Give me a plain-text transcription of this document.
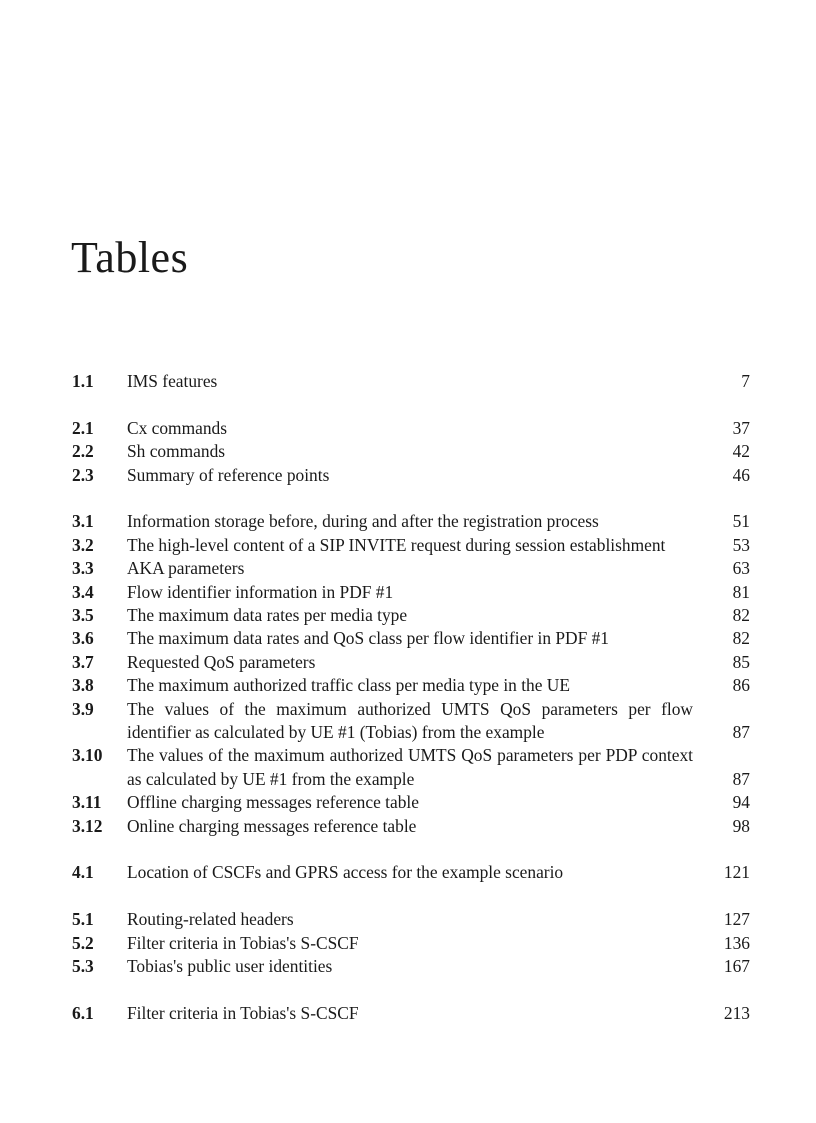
Tables
1.1	IMS features	7
2.1	Cx commands	37
2.2	Sh commands	42
2.3	Summary of reference points	46
3.1	Information storage before, during and after the registration process	51
3.2	The high-level content of a SIP INVITE request during session establishment	53
3.3	AKA parameters	63
3.4	Flow identifier information in PDF #1	81
3.5	The maximum data rates per media type	82
3.6	The maximum data rates and QoS class per flow identifier in PDF #1	82
3.7	Requested QoS parameters	85
3.8	The maximum authorized traffic class per media type in the UE	86
3.9	The values of the maximum authorized UMTS QoS parameters per flow identifier as calculated by UE #1 (Tobias) from the example	87
3.10	The values of the maximum authorized UMTS QoS parameters per PDP context as calculated by UE #1 from the example	87
3.11	Offline charging messages reference table	94
3.12	Online charging messages reference table	98
4.1	Location of CSCFs and GPRS access for the example scenario	121
5.1	Routing-related headers	127
5.2	Filter criteria in Tobias's S-CSCF	136
5.3	Tobias's public user identities	167
6.1	Filter criteria in Tobias's S-CSCF	213
